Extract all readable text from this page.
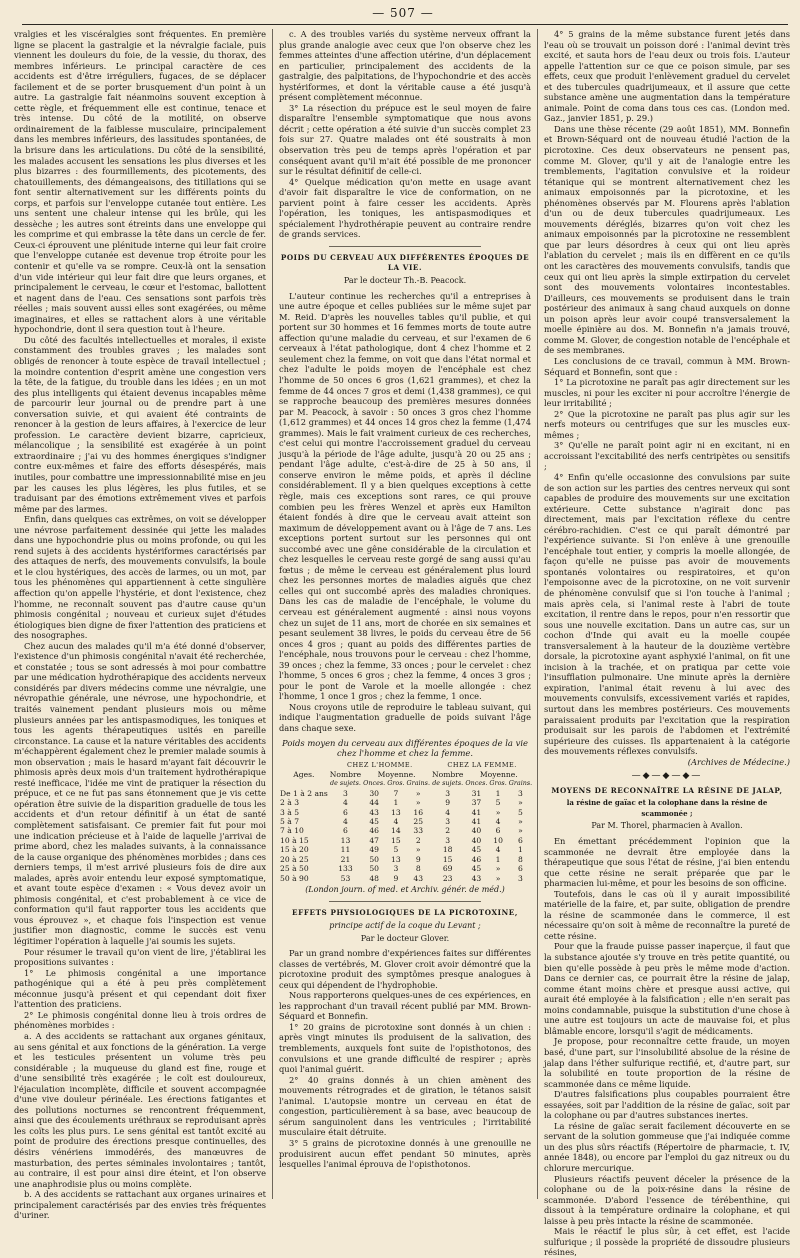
— 507 —

vralgies et les viscéralgies sont fréquentes. En première ligne se placent la gastralgie et la névralgie faciale, puis viennent les douleurs du foie, de la vessie, du thorax, des membres inférieurs. Le principal caractère de ces accidents est d'être irréguliers, fugaces, de se déplacer facilement et de se porter brusquement d'un point à un autre. La gastralgie fait néanmoins souvent exception à cette règle, et fréquemment elle est continue, tenace et très intense. Du côté de la motilité, on observe ordinairement de la faiblesse musculaire, principalement dans les membres inférieurs, des lassitudes spontanées, de la brisure dans les articulations. Du côté de la sensibilité, les malades accusent les sensations les plus diverses et les plus bizarres : des fourmillements, des picotements, des chatouillements, des démangeaisons, des titillations qui se font sentir alternativement sur les différents points du corps, et parfois sur l'enveloppe cutanée tout entière. Les uns sentent une chaleur intense qui les brûle, qui les dessèche ; les autres sont étreints dans une enveloppe qui les comprime et qui embrasse la tête dans un cercle de fer. Ceux-ci éprouvent une plénitude interne qui leur fait croire que l'enveloppe cutanée est devenue trop étroite pour les contenir et qu'elle va se rompre. Ceux-là ont la sensation d'un vide intérieur qui leur fait dire que leurs organes, et principalement le cerveau, le cœur et l'estomac, ballottent et nagent dans de l'eau. Ces sensations sont parfois très réelles ; mais souvent aussi elles sont exagérées, ou même imaginaires, et elles se rattachent alors à une véritable hypochondrie, dont il sera question tout à l'heure.

Du côté des facultés intellectuelles et morales, il existe constamment des troubles graves ; les malades sont obligés de renoncer à toute espèce de travail intellectuel ; la moindre contention d'esprit amène une congestion vers la tête, de la fatigue, du trouble dans les idées ; en un mot des plus intelligents qui étaient devenus incapables même de parcourir leur journal ou de prendre part à une conversation suivie, et qui avaient été contraints de renoncer à la gestion de leurs affaires, à l'exercice de leur profession. Le caractère devient bizarre, capricieux, mélancolique ; la sensibilité est exagérée à un point extraordinaire ; j'ai vu des hommes énergiques s'indigner contre eux-mêmes et faire des efforts désespérés, mais inutiles, pour combattre une impressionnabilité mise en jeu par les causes les plus légères, les plus futiles, et se traduisant par des émotions extrêmement vives et parfois même par des larmes.

Enfin, dans quelques cas extrêmes, on voit se développer une névrose parfaitement dessinée qui jette les malades dans une hypochondrie plus ou moins profonde, ou qui les rend sujets à des accidents hystériformes caractérisés par des attaques de nerfs, des mouvements convulsifs, la boule et le clou hystériques, des accès de larmes, ou un mot, par tous les phénomènes qui appartiennent à cette singulière affection qu'on appelle l'hystérie, et dont l'existence, chez l'homme, ne reconnaît souvent pas d'autre cause qu'un phimosis congénital ; nouveau et curieux sujet d'études étiologiques bien digne de fixer l'attention des praticiens et des nosographes.

Chez aucun des malades qu'il m'a été donné d'observer, l'existence d'un phimosis congénital n'avait été recherchée, et constatée ; tous se sont adressés à moi pour combattre par une médication hydrothérapique des accidents nerveux considérés par divers médecins comme une névralgie, une névropathie générale, une névrose, une hypochondrie, et traités vainement pendant plusieurs mois ou même plusieurs années par les antispasmodiques, les toniques et tous les agents thérapeutiques usités en pareille circonstance. La cause et la nature véritables des accidents m'échappèrent également chez le premier malade soumis à mon observation ; mais le hasard m'ayant fait découvrir le phimosis après deux mois d'un traitement hydrothérapique resté inefficace, l'idée me vint de pratiquer la résection du prépuce, et ce ne fut pas sans étonnement que je vis cette opération être suivie de la disparition graduelle de tous les accidents et d'un retour définitif à un état de santé complètement satisfaisant. Ce premier fait fut pour moi une indication précieuse et à l'aide de laquelle j'arrivai de prime abord, chez les malades suivants, à la connaissance de la cause organique des phénomènes morbides ; dans ces derniers temps, il m'est arrivé plusieurs fois de dire aux malades, après avoir entendu leur exposé symptomatique, et avant toute espèce d'examen : « Vous devez avoir un phimosis congénital, et c'est probablement à ce vice de conformation qu'il faut rapporter tous les accidents que vous éprouvez », et chaque fois l'inspection est venue justifier mon diagnostic, comme le succès est venu légitimer l'opération à laquelle j'ai soumis les sujets.

Pour résumer le travail qu'on vient de lire, j'établirai les propositions suivantes :

1° Le phimosis congénital a une importance pathogénique qui a été à peu près complètement méconnue jusqu'à présent et qui cependant doit fixer l'attention des praticiens.

2° Le phimosis congénital donne lieu à trois ordres de phénomènes morbides :

a. A des accidents se rattachant aux organes génitaux, au sens génital et aux fonctions de la génération. La verge et les testicules présentent un volume très peu considérable ; la muqueuse du gland est fine, rouge et d'une sensibilité très exagérée ; le coït est douloureux, l'éjaculation incomplète, difficile et souvent accompagnée d'une vive douleur périnéale. Les érections fatigantes et des pollutions nocturnes se rencontrent fréquemment, ainsi que des écoulements uréthraux se reproduisant après les coïts les plus purs. Le sens génital est tantôt excité au point de produire des érections presque continuelles, des désirs vénériens immodérés, des manœuvres de masturbation, des pertes séminales involontaires ; tantôt, au contraire, il est pour ainsi dire éteint, et l'on observe une anaphrodisie plus ou moins complète.

b. A des accidents se rattachant aux organes urinaires et principalement caractérisés par des envies très fréquentes d'uriner.

c. A des troubles variés du système nerveux offrant la plus grande analogie avec ceux que l'on observe chez les femmes atteintes d'une affection utérine, d'un déplacement en particulier, principalement des accidents de la gastralgie, des palpitations, de l'hypochondrie et des accès hystériformes, et dont la véritable cause a été jusqu'à présent complètement méconnue.

3° La résection du prépuce est le seul moyen de faire disparaître l'ensemble symptomatique que nous avons décrit ; cette opération a été suivie d'un succès complet 23 fois sur 27. Quatre malades ont été soustraits à mon observation très peu de temps après l'opération et par conséquent avant qu'il m'ait été possible de me prononcer sur le résultat définitif de celle-ci.

4° Quelque médication qu'on mette en usage avant d'avoir fait disparaître le vice de conformation, on ne parvient point à faire cesser les accidents. Après l'opération, les toniques, les antispasmodiques et spécialement l'hydrothérapie peuvent au contraire rendre de grands services.

POIDS DU CERVEAU AUX DIFFÉRENTES ÉPOQUES DE LA VIE.
Par le docteur Th.-B. Peacock.

L'auteur continue les recherches qu'il a entreprises à une autre époque et celles publiées sur le même sujet par M. Reid. D'après les nouvelles tables qu'il publie, et qui portent sur 30 hommes et 16 femmes morts de toute autre affection qu'une maladie du cerveau, et sur l'examen de 6 cerveaux à l'état pathologique, dont 4 chez l'homme et 2 seulement chez la femme, on voit que dans l'état normal et chez l'adulte le poids moyen de l'encéphale est chez l'homme de 50 onces 6 gros (1,621 grammes), et chez la femme de 44 onces 7 gros et demi (1,438 grammes), ce qui se rapproche beaucoup des premières mesures données par M. Peacock, à savoir : 50 onces 3 gros chez l'homme (1,612 grammes) et 44 onces 14 gros chez la femme (1,474 grammes). Mais le fait vraiment curieux de ces recherches, c'est celui qui montre l'accroissement graduel du cerveau jusqu'à la période de l'âge adulte, jusqu'à 20 ou 25 ans ; pendant l'âge adulte, c'est-à-dire de 25 à 50 ans, il conserve environ le même poids, et après il décline considérablement. Il y a bien quelques exceptions à cette règle, mais ces exceptions sont rares, ce qui prouve combien peu les frères Wenzel et après eux Hamilton étaient fondés à dire que le cerveau avait atteint son maximum de développement avant ou à l'âge de 7 ans. Les exceptions portent surtout sur les personnes qui ont succombé avec une gêne considérable de la circulation et chez lesquelles le cerveau reste gorgé de sang aussi qu'au fœtus ; de même le cerveau est généralement plus lourd chez les personnes mortes de maladies aiguës que chez celles qui ont succombé après des maladies chroniques. Dans les cas de maladie de l'encéphale, le volume du cerveau est généralement augmenté : ainsi nous voyons chez un sujet de 11 ans, mort de chorée en six semaines et pesant seulement 38 livres, le poids du cerveau être de 56 onces 4 gros ; quant au poids des différentes parties de l'encéphale, nous trouvons pour le cerveau : chez l'homme, 39 onces ; chez la femme, 33 onces ; pour le cervelet : chez l'homme, 5 onces 6 gros ; chez la femme, 4 onces 3 gros ; pour le pont de Varole et la moelle allongée : chez l'homme, 1 once 1 gros ; chez la femme, 1 once.

Nous croyons utile de reproduire le tableau suivant, qui indique l'augmentation graduelle de poids suivant l'âge dans chaque sexe.

Poids moyen du cerveau aux différentes époques de la vie chez l'homme et chez la femme.
	CHEZ L'HOMME.				CHEZ LA FEMME.			
Ages.	Nombre	Moyenne.			Nombre	Moyenne.		
	de sujets.	Onces.	Gros.	Grains.	de sujets.	Onces.	Gros.	Grains.
De 1 à 2 ans	3	30	7	»	3	31	1	3
2 à 3	4	44	1	»	9	37	5	»
3 à 5	6	43	13	16	4	41	»	5
5 à 7	4	45	4	25	3	41	4	»
7 à 10	6	46	14	33	2	40	6	»
10 à 15	13	47	15	2	3	40	10	6
15 à 20	11	49	5	»	18	45	4	1
20 à 25	21	50	13	9	15	46	1	8
25 à 50	133	50	3	8	69	45	»	6
50 à 90	53	48	9	43	23	43	»	3
(London journ. of med. et Archiv. génér. de méd.)
EFFETS PHYSIOLOGIQUES DE LA PICROTOXINE,
principe actif de la coque du Levant ;
Par le docteur Glover.

Par un grand nombre d'expériences faites sur différentes classes de vertébrés, M. Glover croit avoir démontré que la picrotoxine produit des symptômes presque analogues à ceux qui dépendent de l'hydrophobie.

Nous rapporterons quelques-unes de ces expériences, en les rapprochant d'un travail récent publié par MM. Brown-Séquard et Bonnefin.

1° 20 grains de picrotoxine sont donnés à un chien : après vingt minutes ils produisent de la salivation, des tremblements, auxquels font suite de l'opisthotonos, des convulsions et une grande difficulté de respirer ; après quoi l'animal guérit.

2° 40 grains donnés à un chien amènent des mouvements rétrogrades et de giration, le tétanos saisit l'animal. L'autopsie montre un cerveau en état de congestion, particulièrement à sa base, avec beaucoup de sérum sanguinolent dans les ventricules ; l'irritabilité musculaire était détruite.

3° 5 grains de picrotoxine donnés à une grenouille ne produisirent aucun effet pendant 50 minutes, après lesquelles l'animal éprouva de l'opisthotonos.

4° 5 grains de la même substance furent jetés dans l'eau où se trouvait un poisson doré : l'animal devint très excité, et sauta hors de l'eau deux ou trois fois. L'auteur appelle l'attention sur ce que ce poison simule, par ses effets, ceux que produit l'enlèvement graduel du cervelet et des tubercules quadrijumeaux, et il assure que cette substance amène une augmentation dans la température animale. Point de coma dans tous ces cas. (London med. Gaz., janvier 1851, p. 29.)

Dans une thèse récente (29 août 1851), MM. Bonnefin et Brown-Séquard ont de nouveau étudié l'action de la picrotoxine. Ces deux observateurs ne pensent pas, comme M. Glover, qu'il y ait de l'analogie entre les tremblements, l'agitation convulsive et la roideur tétanique qui se montrent alternativement chez les animaux empoisonnés par la picrotoxine, et les phénomènes observés par M. Flourens après l'ablation d'un ou de deux tubercules quadrijumeaux. Les mouvements déréglés, bizarres qu'on voit chez les animaux empoisonnés par la picrotoxine ne ressemblent que par leurs désordres à ceux qui ont lieu après l'ablation du cervelet ; mais ils en diffèrent en ce qu'ils ont les caractères des mouvements convulsifs, tandis que ceux qui ont lieu après la simple extirpation du cervelet sont des mouvements volontaires incontestables. D'ailleurs, ces mouvements se produisent dans le train postérieur des animaux à sang chaud auxquels on donne un poison après leur avoir coupé transversalement la moelle épinière au dos. M. Bonnefin n'a jamais trouvé, comme M. Glover, de congestion notable de l'encéphale et de ses membranes.

Les conclusions de ce travail, commun à MM. Brown-Séquard et Bonnefin, sont que :

1° La picrotoxine ne paraît pas agir directement sur les muscles, ni pour les exciter ni pour accroître l'énergie de leur irritabilité ;

2° Que la picrotoxine ne paraît pas plus agir sur les nerfs moteurs ou centrifuges que sur les muscles eux-mêmes ;

3° Qu'elle ne paraît point agir ni en excitant, ni en accroissant l'excitabilité des nerfs centripètes ou sensitifs ;

4° Enfin qu'elle occasionne des convulsions par suite de son action sur les parties des centres nerveux qui sont capables de produire des mouvements sur une excitation extérieure. Cette substance n'agirait donc pas directement, mais par l'excitation réflexe du centre cérébro-rachidien. C'est ce qui paraît démontré par l'expérience suivante. Si l'on enlève à une grenouille l'encéphale tout entier, y compris la moelle allongée, de façon qu'elle ne puisse pas avoir de mouvements spontanés volontaires ou respiratoires, et qu'on l'empoisonne avec de la picrotoxine, on ne voit survenir de phénomène convulsif que si l'on touche à l'animal ; mais après cela, si l'animal reste à l'abri de toute excitation, il rentre dans le repos, pour n'en ressortir que sous une nouvelle excitation. Dans un autre cas, sur un cochon d'Inde qui avait eu la moelle coupée transversalement à la hauteur de la douzième vertèbre dorsale, la picrotoxine ayant asphyxié l'animal, on fit une incision à la trachée, et on pratiqua par cette voie l'insufflation pulmonaire. Une minute après la dernière expiration, l'animal était revenu à lui avec des mouvements convulsifs, excessivement variés et rapides, surtout dans les membres postérieurs. Ces mouvements paraissaient produits par l'excitation que la respiration produisait sur les parois de l'abdomen et l'extrémité supérieure des cuisses. Ils appartenaient à la catégorie des mouvements réflexes convulsifs.

(Archives de Médecine.)
—◆—◆—◆—
MOYENS DE RECONNAÎTRE LA RÉSINE DE JALAP,
la résine de gaïac et la colophane dans la résine de scammonée ;
Par M. Thorel, pharmacien à Avallon.

En émettant précédemment l'opinion que la scammonée ne devrait être employée dans la thérapeutique que sous l'état de résine, j'ai bien entendu que cette résine ne serait préparée que par le pharmacien lui-même, et pour les besoins de son officine.

Toutefois, dans le cas où il y aurait impossibilité matérielle de la faire, et, par suite, obligation de prendre la résine de scammonée dans le commerce, il est nécessaire qu'on soit à même de reconnaître la pureté de cette résine.

Pour que la fraude puisse passer inaperçue, il faut que la substance ajoutée s'y trouve en très petite quantité, ou bien qu'elle possède à peu près le même mode d'action. Dans ce dernier cas, ce pourrait être la résine de jalap, comme étant moins chère et presque aussi active, qui aurait été employée à la falsification ; elle n'en serait pas moins condamnable, puisque la substitution d'une chose à une autre est toujours un acte de mauvaise foi, et plus blâmable encore, lorsqu'il s'agit de médicaments.

Je propose, pour reconnaître cette fraude, un moyen basé, d'une part, sur l'insolubilité absolue de la résine de jalap dans l'éther sulfurique rectifié, et, d'autre part, sur la solubilité en toute proportion de la résine de scammonée dans ce même liquide.

D'autres falsifications plus coupables pourraient être essayées, soit par l'addition de la résine de gaïac, soit par la colophane ou par d'autres substances inertes.

La résine de gaïac serait facilement découverte en se servant de la solution gommeuse que j'ai indiquée comme un des plus sûrs réactifs (Répertoire de pharmacie, t. IV, année 1848), ou encore par l'emploi du gaz nitreux ou du chlorure mercurique.

Plusieurs réactifs peuvent déceler la présence de la colophane ou de la poix-résine dans la résine de scammonée. D'abord l'essence de térébenthine, qui dissout à la température ordinaire la colophane, et qui laisse à peu près intacte la résine de scammonée.

Mais le réactif le plus sûr, à cet effet, est l'acide sulfurique ; il possède la propriété de dissoudre plusieurs résines,
